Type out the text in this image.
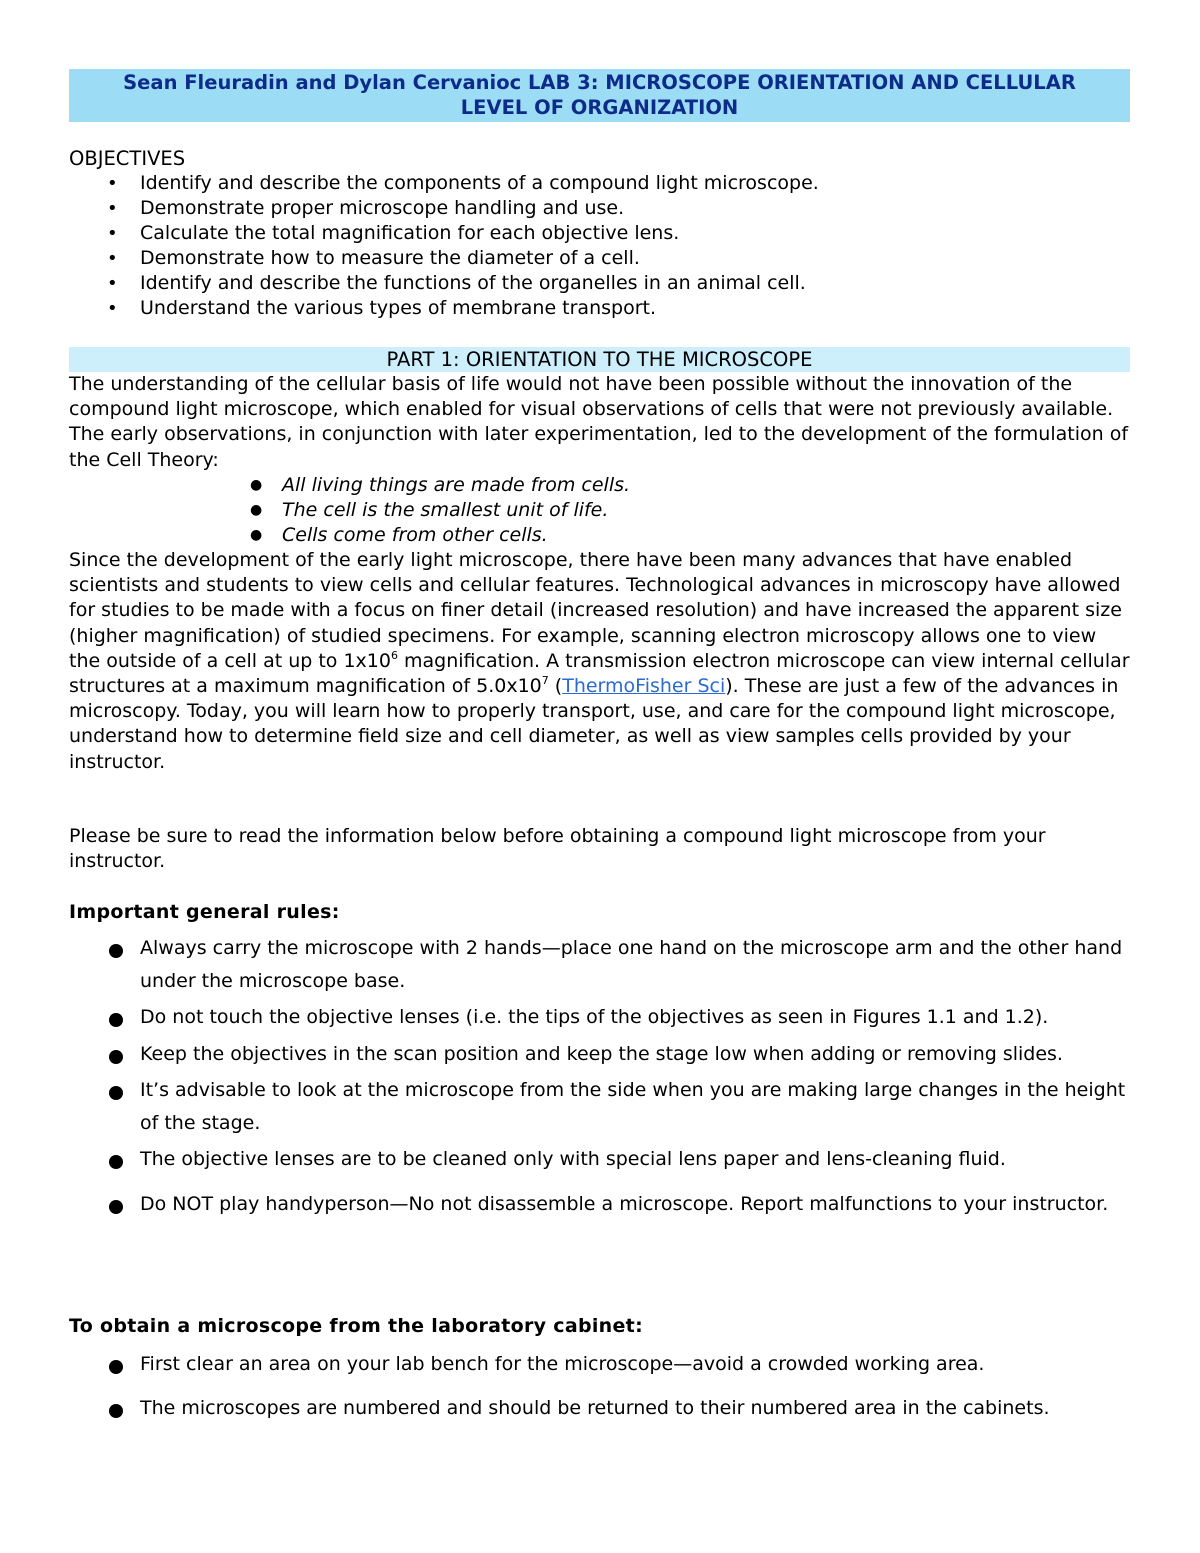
Sean Fleuradin and Dylan Cervanioc LAB 3: MICROSCOPE ORIENTATION AND CELLULAR
LEVEL OF ORGANIZATION
OBJECTIVES
• Identify and describe the components of a compound light microscope.
• Demonstrate proper microscope handling and use.
• Calculate the total magnification for each objective lens.
• Demonstrate how to measure the diameter of a cell.
• Identify and describe the functions of the organelles in an animal cell.
• Understand the various types of membrane transport.
PART 1: ORIENTATION TO THE MICROSCOPE

The understanding of the cellular basis of life would not have been possible without the innovation of the compound light microscope, which enabled for visual observations of cells that were not previously available. The early observations, in conjunction with later experimentation, led to the development of the formulation of the Cell Theory:

● All living things are made from cells.
● The cell is the smallest unit of life.
● Cells come from other cells.

Since the development of the early light microscope, there have been many advances that have enabled scientists and students to view cells and cellular features. Technological advances in microscopy have allowed for studies to be made with a focus on finer detail (increased resolution) and have increased the apparent size (higher magnification) of studied specimens. For example, scanning electron microscopy allows one to view the outside of a cell at up to $1x10^6$ magnification. A transmission electron microscope can view internal cellular structures at a maximum magnification of $5.0x10^7$ (ThermoFisher Sci). These are just a few of the advances in microscopy. Today, you will learn how to properly transport, use, and care for the compound light microscope, understand how to determine field size and cell diameter, as well as view samples cells provided by your instructor.

Please be sure to read the information below before obtaining a compound light microscope from your instructor.

Important general rules:
Always carry the microscope with 2 hands—place one hand on the microscope arm and the other hand under the microscope base.
Do not touch the objective lenses (i.e. the tips of the objectives as seen in Figures 1.1 and 1.2).
Keep the objectives in the scan position and keep the stage low when adding or removing slides.
It’s advisable to look at the microscope from the side when you are making large changes in the height of the stage.
The objective lenses are to be cleaned only with special lens paper and lens-cleaning fluid.
Do NOT play handyperson—No not disassemble a microscope. Report malfunctions to your instructor.
To obtain a microscope from the laboratory cabinet:
First clear an area on your lab bench for the microscope—avoid a crowded working area.
The microscopes are numbered and should be returned to their numbered area in the cabinets.
